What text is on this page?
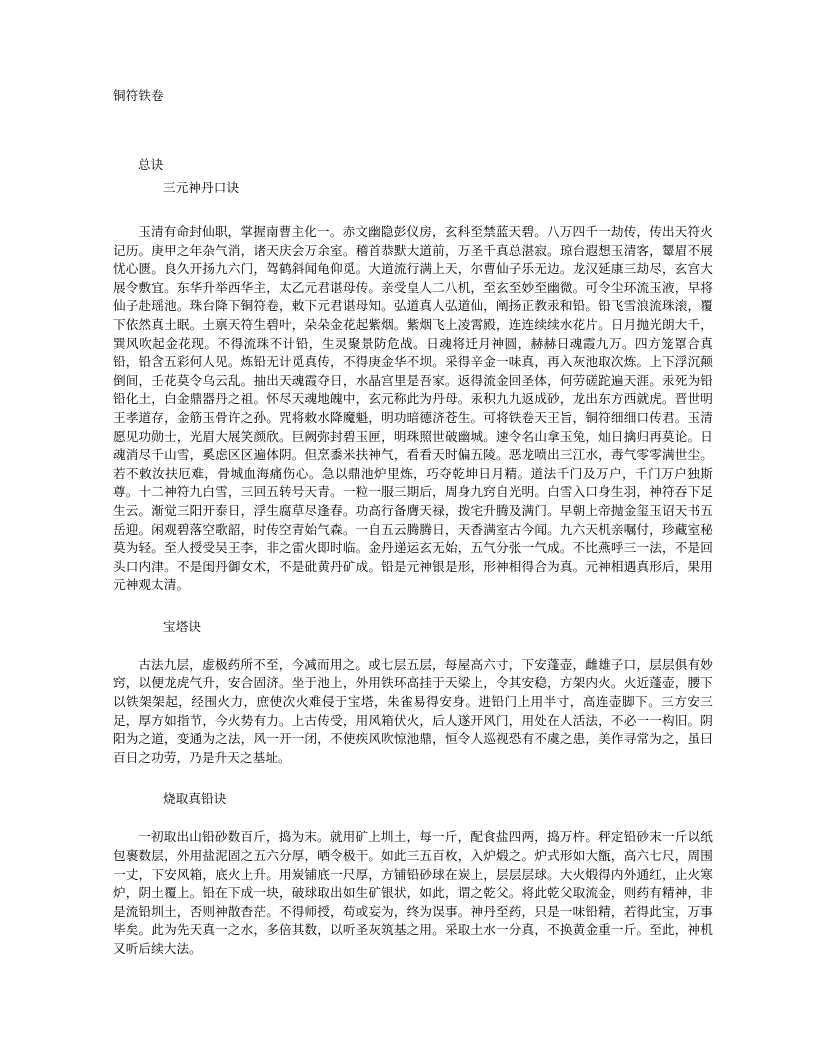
铜符铁卷
总诀
三元神丹口诀

玉清有命封仙职，掌握南曹主化一。赤文幽隐彭仪房，玄科至禁蓝天碧。八万四千一劫传，传出天符火记历。庚甲之年杂气消，诸天庆会万余室。稽首恭默大道前，万圣千真总湛寂。琼台遐想玉清客，颦眉不展忧心匮。良久开扬九六门，驾鹤斜闻龟仰觅。大道流行满上天，尔曹仙子乐无边。龙汉延康三劫尽，玄宫大展令敷宜。东华升举西华主，太乙元君谌母传。亲受皇人二八机，至玄至妙至幽微。可令尘环流玉液，早将仙子赴瑶池。珠台降下铜符卷，敕下元君谌母知。弘道真人弘道仙，阐扬正教汞和铅。铅飞雪浪流珠滚，覆下依然真土眠。土禀天符生碧叶，朵朵金花起紫烟。紫烟飞上凌霄殿，连连续续水花片。日月抛光朗大千，巽风吹起金花现。不得流珠不计铅，生灵聚景防危战。日魂将迁月神圆，赫赫日魂霞九万。四方笼罩合真铅，铅含五彩何人见。炼铅无计觅真传，不得庚金华不坝。采得辛金一味真，再入灰池取次炼。上下浮沉颠倒间，壬花莫令乌云乱。抽出天魂霞夺日，水晶宫里是吾家。返得流金回圣体，何劳磋跎遍天涯。汞死为铅铅化土，白金鼎器丹之祖。怀尽天魂地魄中，玄元称此为丹母。汞积九九返成砂，龙出东方西就虎。晋世明王孝道存，金筋玉骨许之孙。咒将敕水降魔魁，明功暗德济苍生。可将铁卷天王旨，铜符细细口传君。玉清愿见功勋士，光眉大展笑颜欣。巨阙弥封碧玉匣，明珠照世破幽城。速令名山拿玉兔，灿日擒归再莫论。日魂消尽千山雪，奚虑区区遍体阴。但烹黍米扶神气，看看天时偏五陵。恶龙喷出三江水，毒气零零满世尘。若不敕汝扶厄难，骨城血海痛伤心。急以鼎池炉里炼，巧夺乾坤日月精。道法千门及万户，千门万户独斯尊。十二神符九白雪，三回五转号天青。一粒一服三期后，周身九窍自光明。白雪入口身生羽，神符吞下足生云。渐觉三阳开泰日，浮生腐草尽逢春。功高行备膺天禄，拨宅升腾及满门。早朝上帝抛金玺玉诏天书五岳迎。闲观碧落空歌韶，时传空青始气森。一自五云腾腾日，天香满室古今闻。九六天机亲嘱付，珍藏室秘莫为轻。至人授受吴王李，非之雷火即时临。金丹递运玄无始，五气分张一气成。不比燕呼三一法，不是回头口内津。不是闺丹御女术，不是砒黄丹矿成。铅是元神银是形，形神相得合为真。元神相遇真形后，果用元神观太清。

宝塔诀

古法九层，虚极药所不至，今减而用之。或七层五层，每屋高六寸，下安蓬壶，雌雄子口，层层俱有妙窍，以便龙虎气升，安合固济。坐于池上，外用铁环高挂于天梁上，令其安稳，方架内火。火近蓬壶，腰下以铁架架起，经围火力，庶使次火难侵于宝塔，朱雀易得安身。进铅门上用半寸，高连壶脚下。三方安三足，厚方如指节，今火势有力。上古传受，用风箱伏火，后人遂开风门，用处在人活法，不必一一构旧。阴阳为之道，变通为之法，风一开一闭，不使疾风吹惊池鼎，恒令人巡视恐有不虞之患，美作寻常为之，虽曰百日之功劳，乃是升天之基址。

烧取真铅诀

一初取出山铅砂数百斤，捣为末。就用矿上圳土，每一斤，配食盐四两，捣万杵。秤定铅砂末一斤以纸包裹数层，外用盐泥固之五六分厚，晒令极干。如此三五百枚，入炉煅之。炉式形如大甑，高六七尺，周围一丈，下安风箱，底火上升。用炭铺底一尺厚，方铺铅砂球在炭上，层层层球。大火煅得内外通红，止火寒炉，阴土覆上。铅在下成一块，破球取出如生矿银状，如此，谓之乾父。将此乾父取流金，则药有精神，非是流铅圳土，否则神散杳茫。不得师授，苟或妄为，终为误事。神丹至药，只是一味铅精，若得此宝，万事毕矣。此为先天真一之水，多倍其数，以听圣灰筑基之用。采取土水一分真，不换黄金重一斤。至此，神机又听后续大法。
